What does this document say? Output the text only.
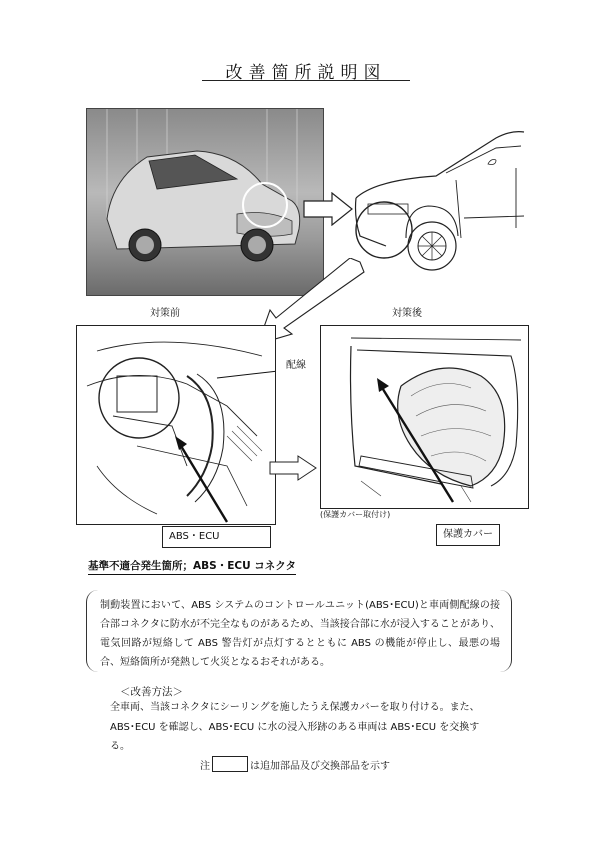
改善箇所説明図
対策前	対策後
配線
(保護カバー取付け)
ABS・ECU	保護カバー
基準不適合発生箇所；ABS・ECU コネクタ
制動装置において、ABS システムのコントロールユニット(ABS･ECU)と車両側配線の接合部コネクタに防水が不完全なものがあるため、当該接合部に水が浸入することがあり、電気回路が短絡して ABS 警告灯が点灯するとともに ABS の機能が停止し、最悪の場合、短絡箇所が発熱して火災となるおそれがある。
＜改善方法＞
全車両、当該コネクタにシーリングを施したうえ保護カバーを取り付ける。また、ABS･ECU を確認し、ABS･ECU に水の浸入形跡のある車両は ABS･ECU を交換する。
注	は追加部品及び交換部品を示す
